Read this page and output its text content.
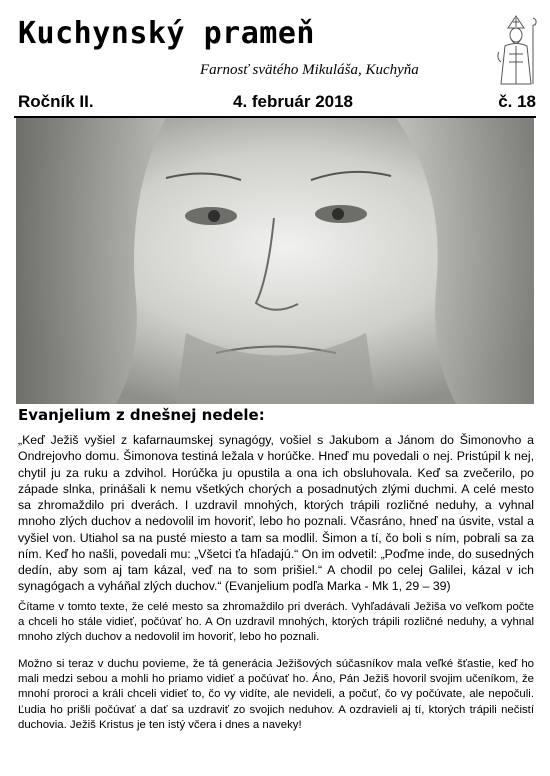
Kuchynský prameň
Farnosť svätého Mikuláša, Kuchyňa
Ročník II.	4. február 2018	č. 18
Evanjelium z dnešnej nedele:

„Keď Ježiš vyšiel z kafarnaumskej synagógy, vošiel s Jakubom a Jánom do Šimonovho a Ondrejovho domu. Šimonova testiná ležala v horúčke. Hneď mu povedali o nej. Pristúpil k nej, chytil ju za ruku a zdvihol. Horúčka ju opustila a ona ich obsluhovala. Keď sa zvečerilo, po západe slnka, prinášali k nemu všetkých chorých a posadnutých zlými duchmi. A celé mesto sa zhromaždilo pri dverách. I uzdravil mnohých, ktorých trápili rozličné neduhy, a vyhnal mnoho zlých duchov a nedovolil im hovoriť, lebo ho poznali. Včasráno, hneď na úsvite, vstal a vyšiel von. Utiahol sa na pusté miesto a tam sa modlil. Šimon a tí, čo boli s ním, pobrali sa za ním. Keď ho našli, povedali mu: „Všetci ťa hľadajú.“ On im odvetil: „Poďme inde, do susedných dedín, aby som aj tam kázal, veď na to som prišiel.“ A chodil po celej Galilei, kázal v ich synagógach a vyháňal zlých duchov.“ (Evanjelium podľa Marka - Mk 1, 29 – 39)

Čítame v tomto texte, že celé mesto sa zhromaždilo pri dverách. Vyhľadávali Ježiša vo veľkom počte a chceli ho stále vidieť, počúvať ho. A On uzdravil mnohých, ktorých trápili rozličné neduhy, a vyhnal mnoho zlých duchov a nedovolil im hovoriť, lebo ho poznali.

Možno si teraz v duchu povieme, že tá generácia Ježišových súčasníkov mala veľké šťastie, keď ho mali medzi sebou a mohli ho priamo vidieť a počúvať ho. Áno, Pán Ježiš hovoril svojim učeníkom, že mnohí proroci a králi chceli vidieť to, čo vy vidíte, ale nevideli, a počuť, čo vy počúvate, ale nepočuli. Ľudia ho prišli počúvať a dať sa uzdraviť zo svojich neduhov. A ozdravieli aj tí, ktorých trápili nečistí duchovia. Ježiš Kristus je ten istý včera i dnes a naveky!
